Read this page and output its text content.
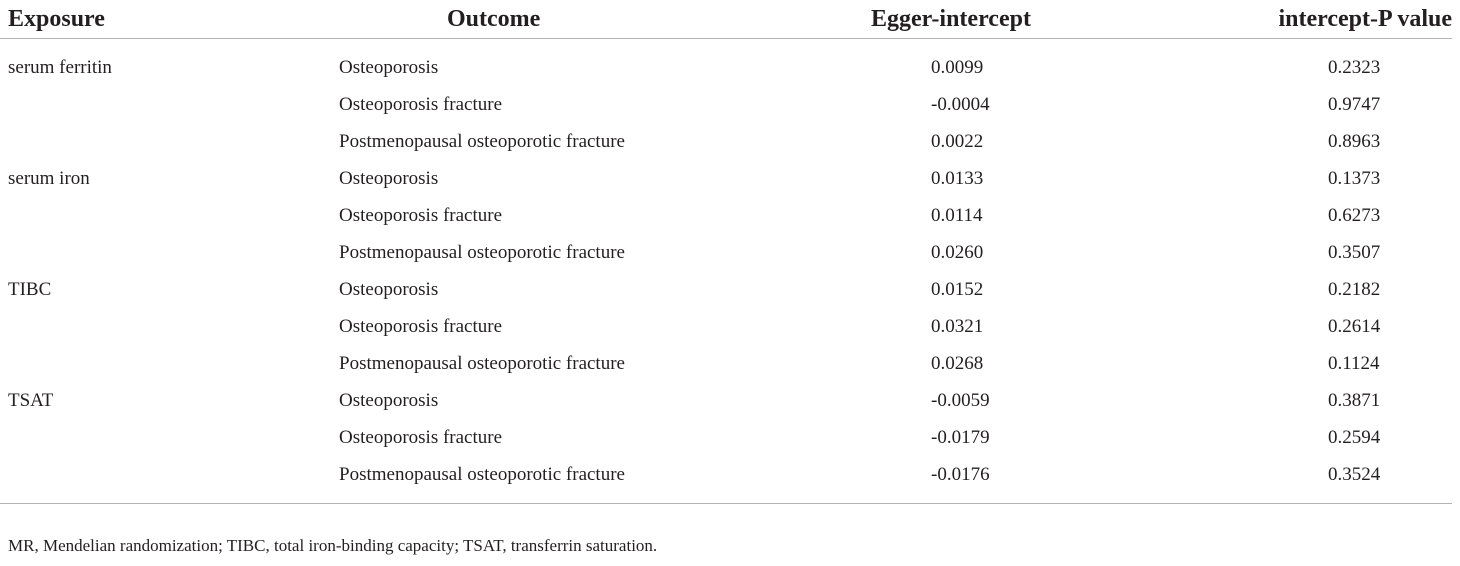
Exposure	Outcome	Egger-intercept	intercept-P value
serum ferritin	Osteoporosis	0.0099	0.2323
	Osteoporosis fracture	-0.0004	0.9747
	Postmenopausal osteoporotic fracture	0.0022	0.8963
serum iron	Osteoporosis	0.0133	0.1373
	Osteoporosis fracture	0.0114	0.6273
	Postmenopausal osteoporotic fracture	0.0260	0.3507
TIBC	Osteoporosis	0.0152	0.2182
	Osteoporosis fracture	0.0321	0.2614
	Postmenopausal osteoporotic fracture	0.0268	0.1124
TSAT	Osteoporosis	-0.0059	0.3871
	Osteoporosis fracture	-0.0179	0.2594
	Postmenopausal osteoporotic fracture	-0.0176	0.3524
MR, Mendelian randomization; TIBC, total iron-binding capacity; TSAT, transferrin saturation.
